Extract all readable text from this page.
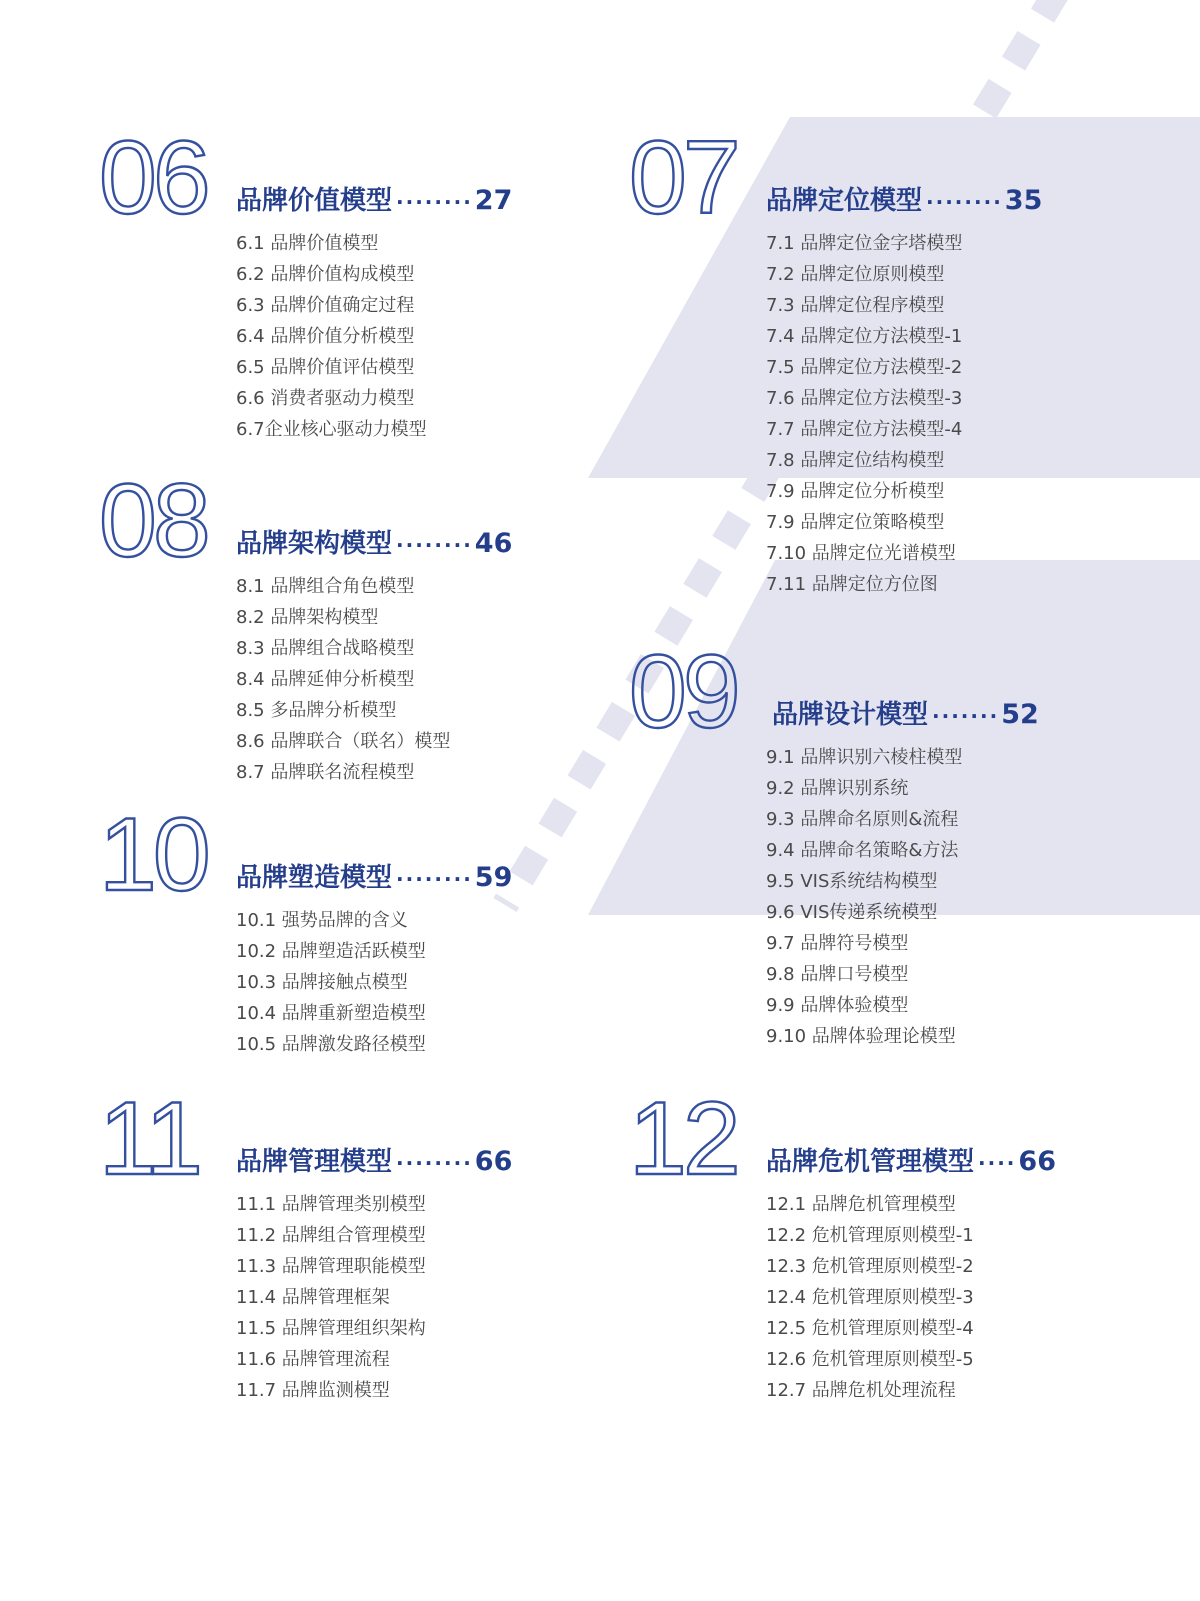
06 品牌价值模型 ········ 27
6.1 品牌价值模型
6.2 品牌价值构成模型
6.3 品牌价值确定过程
6.4 品牌价值分析模型
6.5 品牌价值评估模型
6.6 消费者驱动力模型
6.7企业核心驱动力模型
07 品牌定位模型 ········ 35
7.1 品牌定位金字塔模型
7.2 品牌定位原则模型
7.3 品牌定位程序模型
7.4 品牌定位方法模型-1
7.5 品牌定位方法模型-2
7.6 品牌定位方法模型-3
7.7 品牌定位方法模型-4
7.8 品牌定位结构模型
7.9 品牌定位分析模型
7.9 品牌定位策略模型
7.10 品牌定位光谱模型
7.11 品牌定位方位图
08 品牌架构模型 ········ 46
8.1 品牌组合角色模型
8.2 品牌架构模型
8.3 品牌组合战略模型
8.4 品牌延伸分析模型
8.5 多品牌分析模型
8.6 品牌联合（联名）模型
8.7 品牌联名流程模型
09 品牌设计模型 ······· 52
9.1 品牌识别六棱柱模型
9.2 品牌识别系统
9.3 品牌命名原则&流程
9.4 品牌命名策略&方法
9.5 VIS系统结构模型
9.6 VIS传递系统模型
9.7 品牌符号模型
9.8 品牌口号模型
9.9 品牌体验模型
9.10 品牌体验理论模型
10 品牌塑造模型 ········ 59
10.1 强势品牌的含义
10.2 品牌塑造活跃模型
10.3 品牌接触点模型
10.4 品牌重新塑造模型
10.5 品牌激发路径模型
11 品牌管理模型 ········ 66
11.1 品牌管理类别模型
11.2 品牌组合管理模型
11.3 品牌管理职能模型
11.4 品牌管理框架
11.5 品牌管理组织架构
11.6 品牌管理流程
11.7 品牌监测模型
12 品牌危机管理模型 ···· 66
12.1 品牌危机管理模型
12.2 危机管理原则模型-1
12.3 危机管理原则模型-2
12.4 危机管理原则模型-3
12.5 危机管理原则模型-4
12.6 危机管理原则模型-5
12.7 品牌危机处理流程
